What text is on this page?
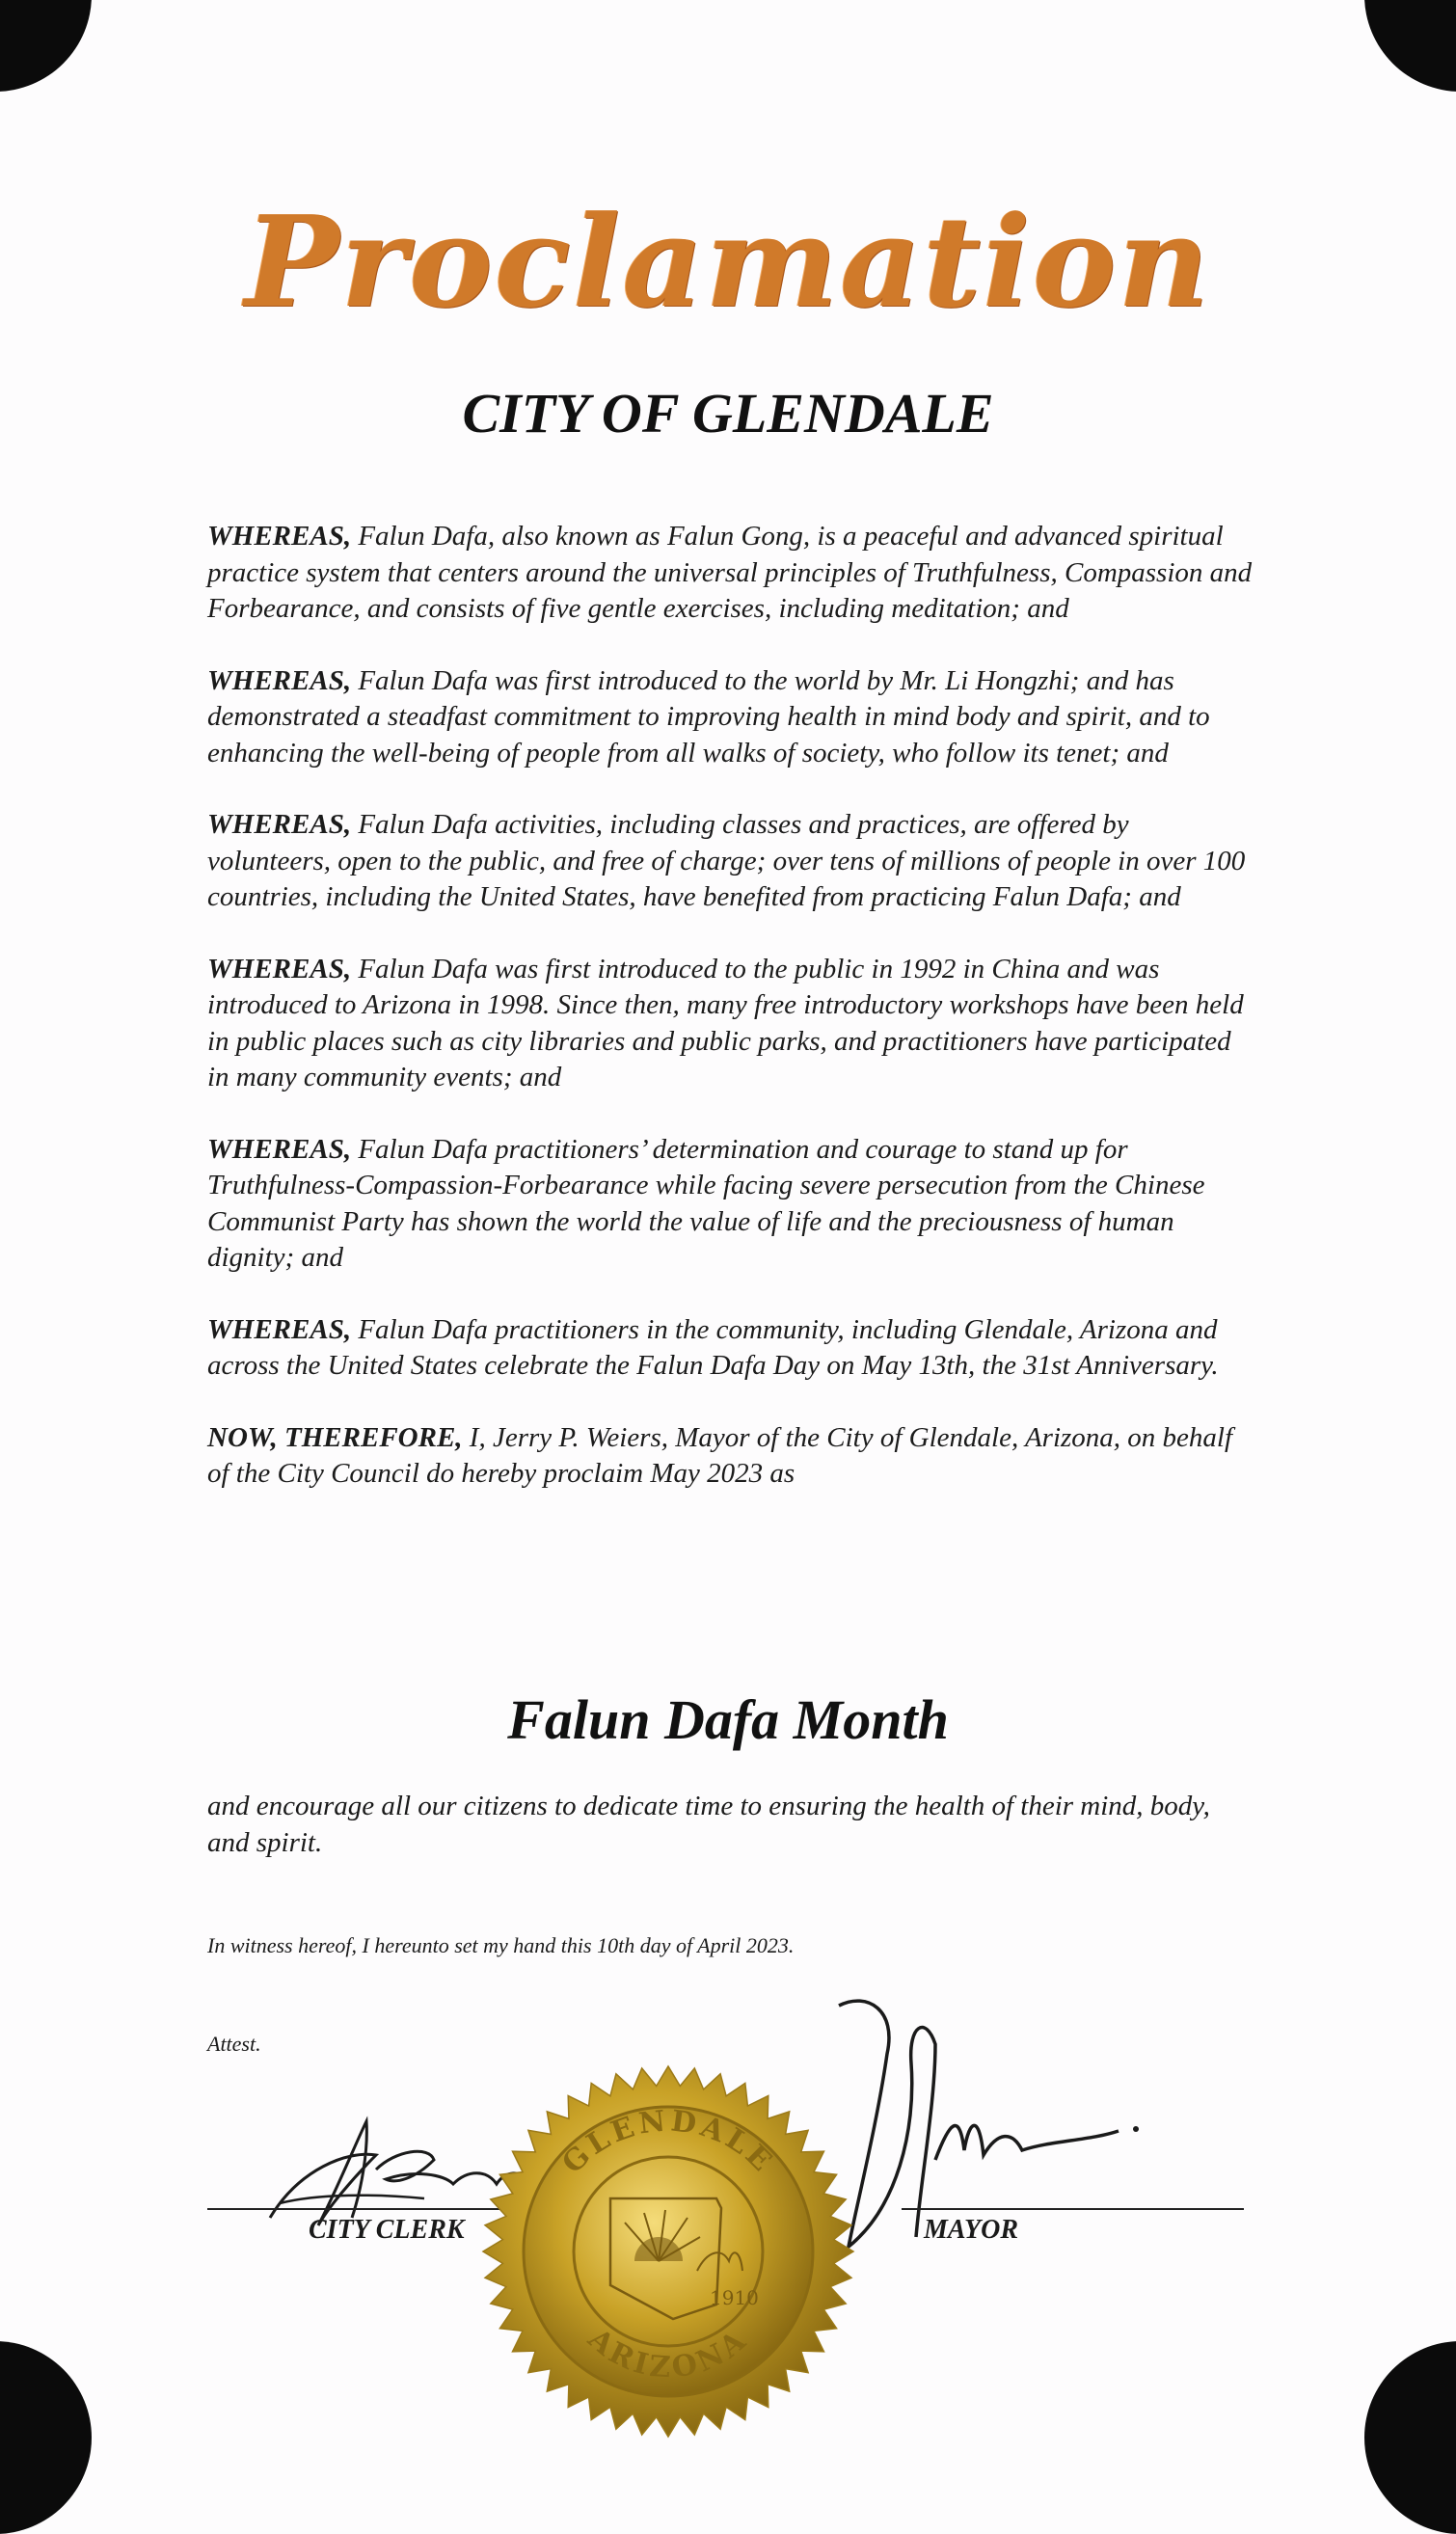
Proclamation
CITY OF GLENDALE

WHEREAS, Falun Dafa, also known as Falun Gong, is a peaceful and advanced spiritual practice system that centers around the universal principles of Truthfulness, Compassion and Forbearance, and consists of five gentle exercises, including meditation; and

WHEREAS, Falun Dafa was first introduced to the world by Mr. Li Hongzhi; and has demonstrated a steadfast commitment to improving health in mind body and spirit, and to enhancing the well-being of people from all walks of society, who follow its tenet; and

WHEREAS, Falun Dafa activities, including classes and practices, are offered by volunteers, open to the public, and free of charge; over tens of millions of people in over 100 countries, including the United States, have benefited from practicing Falun Dafa; and

WHEREAS, Falun Dafa was first introduced to the public in 1992 in China and was introduced to Arizona in 1998. Since then, many free introductory workshops have been held in public places such as city libraries and public parks, and practitioners have participated in many community events; and

WHEREAS, Falun Dafa practitioners’ determination and courage to stand up for Truthfulness-Compassion-Forbearance while facing severe persecution from the Chinese Communist Party has shown the world the value of life and the preciousness of human dignity; and

WHEREAS, Falun Dafa practitioners in the community, including Glendale, Arizona and across the United States celebrate the Falun Dafa Day on May 13th, the 31st Anniversary.

NOW, THEREFORE, I, Jerry P. Weiers, Mayor of the City of Glendale, Arizona, on behalf of the City Council do hereby proclaim May 2023 as

Falun Dafa Month
and encourage all our citizens to dedicate time to ensuring the health of their mind, body, and spirit.
In witness hereof, I hereunto set my hand this 10th day of April 2023.
Attest.
CITY CLERK	MAYOR
GLENDALE
ARIZONA
1910
